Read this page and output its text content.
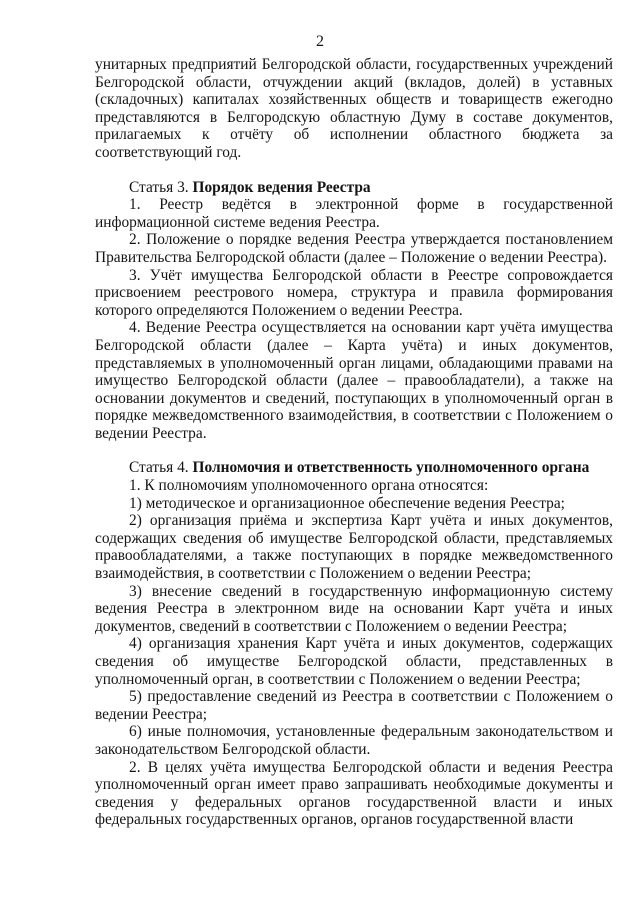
2

унитарных предприятий Белгородской области, государственных учреждений Белгородской области, отчуждении акций (вкладов, долей) в уставных (складочных) капиталах хозяйственных обществ и товариществ ежегодно представляются в Белгородскую областную Думу в составе документов, прилагаемых к отчёту об исполнении областного бюджета за соответствующий год.

Статья 3. Порядок ведения Реестра

1. Реестр ведётся в электронной форме в государственной информационной системе ведения Реестра.

2. Положение о порядке ведения Реестра утверждается постановлением Правительства Белгородской области (далее – Положение о ведении Реестра).

3. Учёт имущества Белгородской области в Реестре сопровождается присвоением реестрового номера, структура и правила формирования которого определяются Положением о ведении Реестра.

4. Ведение Реестра осуществляется на основании карт учёта имущества Белгородской области (далее – Карта учёта) и иных документов, представляемых в уполномоченный орган лицами, обладающими правами на имущество Белгородской области (далее – правообладатели), а также на основании документов и сведений, поступающих в уполномоченный орган в порядке межведомственного взаимодействия, в соответствии с Положением о ведении Реестра.

Статья 4. Полномочия и ответственность уполномоченного органа

1. К полномочиям уполномоченного органа относятся:

1) методическое и организационное обеспечение ведения Реестра;

2) организация приёма и экспертиза Карт учёта и иных документов, содержащих сведения об имуществе Белгородской области, представляемых правообладателями, а также поступающих в порядке межведомственного взаимодействия, в соответствии с Положением о ведении Реестра;

3) внесение сведений в государственную информационную систему ведения Реестра в электронном виде на основании Карт учёта и иных документов, сведений в соответствии с Положением о ведении Реестра;

4) организация хранения Карт учёта и иных документов, содержащих сведения об имуществе Белгородской области, представленных в уполномоченный орган, в соответствии с Положением о ведении Реестра;

5) предоставление сведений из Реестра в соответствии с Положением о ведении Реестра;

6) иные полномочия, установленные федеральным законодательством и законодательством Белгородской области.

2. В целях учёта имущества Белгородской области и ведения Реестра уполномоченный орган имеет право запрашивать необходимые документы и сведения у федеральных органов государственной власти и иных федеральных государственных органов, органов государственной власти
